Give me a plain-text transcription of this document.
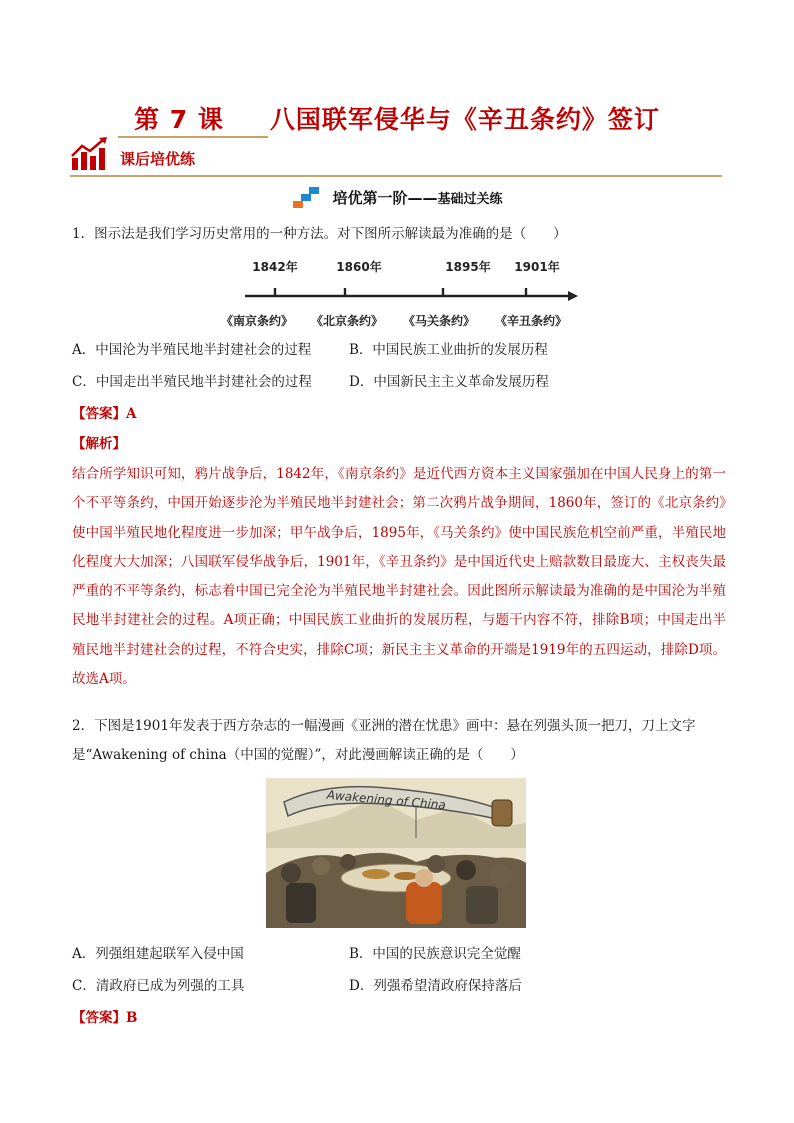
第 7 课 八国联军侵华与《辛丑条约》签订
课后培优练
培优第一阶——基础过关练
1．图示法是我们学习历史常用的一种方法。对下图所示解读最为准确的是（　　）
1842年	1860年	1895年 1901年
《南京条约》 《北京条约》 《马关条约》 《辛丑条约》
A．中国沦为半殖民地半封建社会的过程	B．中国民族工业曲折的发展历程
C．中国走出半殖民地半封建社会的过程	D．中国新民主主义革命发展历程
【答案】A
【解析】
结合所学知识可知，鸦片战争后，1842年，《南京条约》是近代西方资本主义国家强加在中国人民身上的第一个不平等条约，中国开始逐步沦为半殖民地半封建社会；第二次鸦片战争期间，1860年，签订的《北京条约》使中国半殖民地化程度进一步加深；甲午战争后，1895年，《马关条约》使中国民族危机空前严重，半殖民地化程度大大加深；八国联军侵华战争后，1901年，《辛丑条约》是中国近代史上赔款数目最庞大、主权丧失最严重的不平等条约，标志着中国已完全沦为半殖民地半封建社会。因此图所示解读最为准确的是中国沦为半殖民地半封建社会的过程。A项正确；中国民族工业曲折的发展历程，与题干内容不符，排除B项；中国走出半殖民地半封建社会的过程，不符合史实，排除C项；新民主主义革命的开端是1919年的五四运动，排除D项。故选A项。
2．下图是1901年发表于西方杂志的一幅漫画《亚洲的潜在忧患》画中：悬在列强头顶一把刀，刀上文字是“Awakening of china（中国的觉醒）”，对此漫画解读正确的是（　　）
Awakening of China
A．列强组建起联军入侵中国	B．中国的民族意识完全觉醒
C．清政府已成为列强的工具	D．列强希望清政府保持落后
【答案】B
